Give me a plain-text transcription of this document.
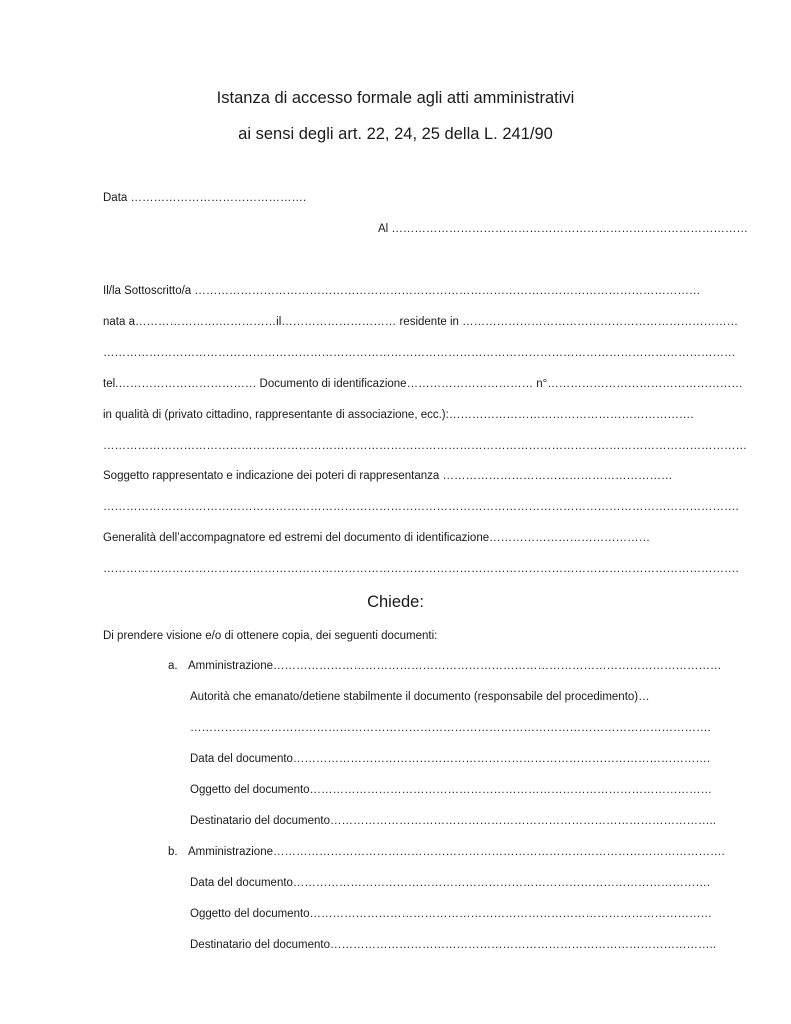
Istanza di accesso formale agli atti amministrativi
ai sensi degli art. 22, 24, 25 della L. 241/90
Data ……………………………………….
Al …………………………………………………………………………………
Il/la Sottoscritto/a ……………………………………………………………………………………………………………………
nata a………………….……………il………………………… residente in ………………………………………………………………
…………………………………………………………………………………………………………………………………………………
tel.……………………………… Documento di identificazione…………………………… n°……………………………………………
in qualità di (privato cittadino, rappresentante di associazione, ecc.):……………………………………………………….
……………………………………………………………………………………………………………………………………………………
Soggetto rappresentato e indicazione dei poteri di rappresentanza ……………………………………………………
………………………………………………………………………………………………………………………………………………….
Generalità dell’accompagnatore ed estremi del documento di identificazione……………………………………
………………………………………………………………………………………………………………………………………………….
Chiede:
Di prendere visione e/o di ottenere copia, dei seguenti documenti:
a. Amministrazione………………………………………………………………………………………………………
Autorità che emanato/detiene stabilmente il documento (responsabile del procedimento)…
……………………………………………………………………………………………………………………….
Data del documento……………………………………………………………………………………………….
Oggetto del documento……………………………………………………………………………………………
Destinatario del documento………………………………………………………………………………………..
b. Amministrazione……………………………………………………………………………………………………….
Data del documento……………………………………………………………………………………………….
Oggetto del documento……………………………………………………………………………………………
Destinatario del documento………………………………………………………………………………………..
